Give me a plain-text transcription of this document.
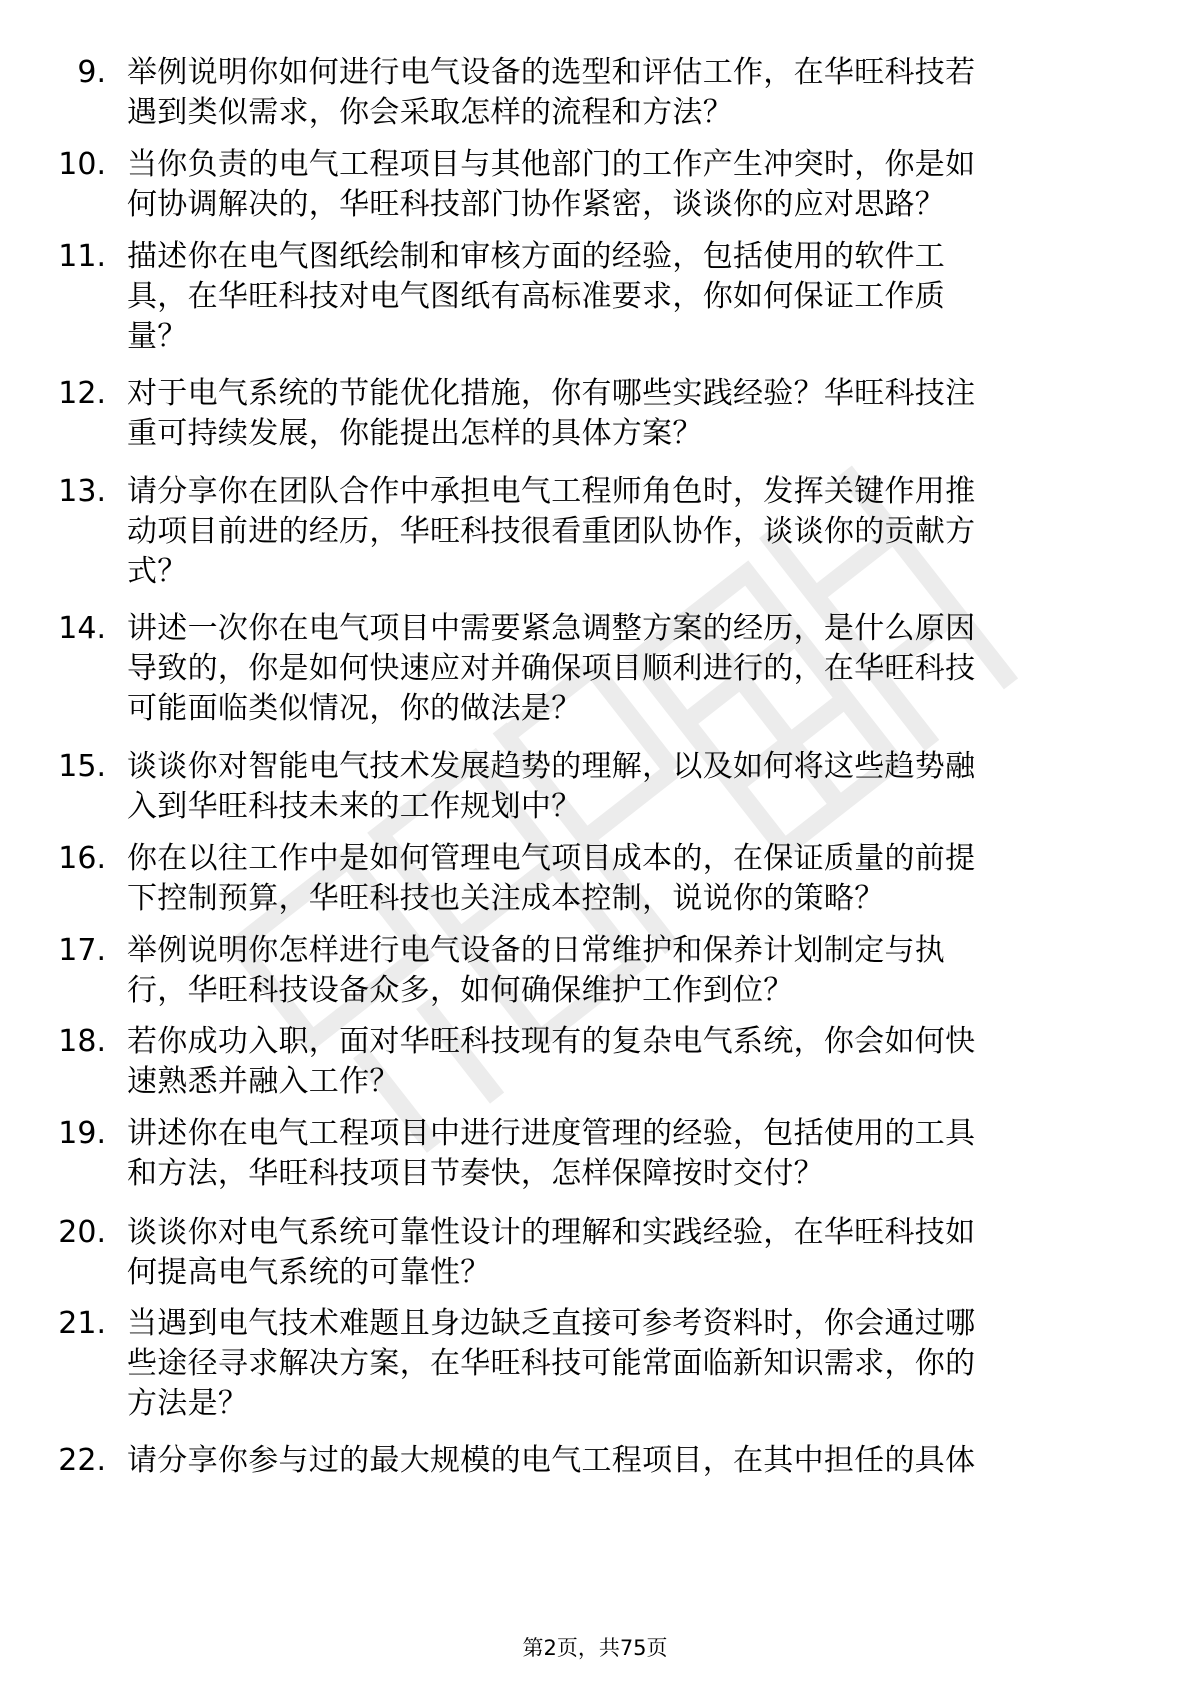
9. 举例说明你如何进行电气设备的选型和评估工作，在华旺科技若
遇到类似需求，你会采取怎样的流程和方法？
10. 当你负责的电气工程项目与其他部门的工作产生冲突时，你是如
何协调解决的，华旺科技部门协作紧密，谈谈你的应对思路？
11. 描述你在电气图纸绘制和审核方面的经验，包括使用的软件工
具，在华旺科技对电气图纸有高标准要求，你如何保证工作质
量？
12. 对于电气系统的节能优化措施，你有哪些实践经验？华旺科技注
重可持续发展，你能提出怎样的具体方案？
13. 请分享你在团队合作中承担电气工程师角色时，发挥关键作用推
动项目前进的经历，华旺科技很看重团队协作，谈谈你的贡献方
式？
14. 讲述一次你在电气项目中需要紧急调整方案的经历，是什么原因
导致的，你是如何快速应对并确保项目顺利进行的，在华旺科技
可能面临类似情况，你的做法是？
15. 谈谈你对智能电气技术发展趋势的理解，以及如何将这些趋势融
入到华旺科技未来的工作规划中？
16. 你在以往工作中是如何管理电气项目成本的，在保证质量的前提
下控制预算，华旺科技也关注成本控制，说说你的策略？
17. 举例说明你怎样进行电气设备的日常维护和保养计划制定与执
行，华旺科技设备众多，如何确保维护工作到位？
18. 若你成功入职，面对华旺科技现有的复杂电气系统，你会如何快
速熟悉并融入工作？
19. 讲述你在电气工程项目中进行进度管理的经验，包括使用的工具
和方法，华旺科技项目节奏快，怎样保障按时交付？
20. 谈谈你对电气系统可靠性设计的理解和实践经验，在华旺科技如
何提高电气系统的可靠性？
21. 当遇到电气技术难题且身边缺乏直接可参考资料时，你会通过哪
些途径寻求解决方案，在华旺科技可能常面临新知识需求，你的
方法是？
22. 请分享你参与过的最大规模的电气工程项目，在其中担任的具体
第2页，共75页
